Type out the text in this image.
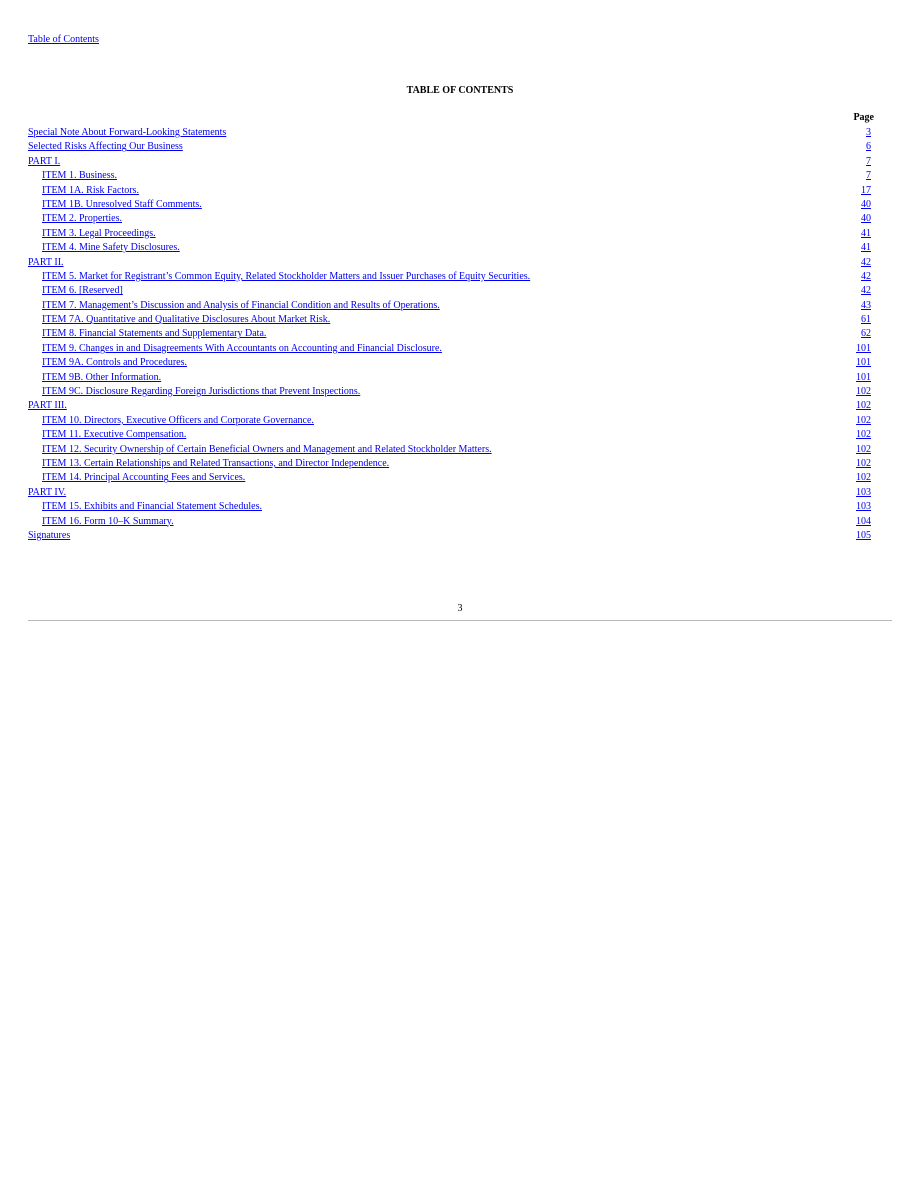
Table of Contents
TABLE OF CONTENTS
Page
Special Note About Forward-Looking Statements	3
Selected Risks Affecting Our Business	6
PART I.	7
ITEM 1. Business.	7
ITEM 1A. Risk Factors.	17
ITEM 1B. Unresolved Staff Comments.	40
ITEM 2. Properties.	40
ITEM 3. Legal Proceedings.	41
ITEM 4. Mine Safety Disclosures.	41
PART II.	42
ITEM 5. Market for Registrant’s Common Equity, Related Stockholder Matters and Issuer Purchases of Equity Securities.	42
ITEM 6. [Reserved]	42
ITEM 7. Management’s Discussion and Analysis of Financial Condition and Results of Operations.	43
ITEM 7A. Quantitative and Qualitative Disclosures About Market Risk.	61
ITEM 8. Financial Statements and Supplementary Data.	62
ITEM 9. Changes in and Disagreements With Accountants on Accounting and Financial Disclosure.	101
ITEM 9A. Controls and Procedures.	101
ITEM 9B. Other Information.	101
ITEM 9C. Disclosure Regarding Foreign Jurisdictions that Prevent Inspections.	102
PART III.	102
ITEM 10. Directors, Executive Officers and Corporate Governance.	102
ITEM 11. Executive Compensation.	102
ITEM 12. Security Ownership of Certain Beneficial Owners and Management and Related Stockholder Matters.	102
ITEM 13. Certain Relationships and Related Transactions, and Director Independence.	102
ITEM 14. Principal Accounting Fees and Services.	102
PART IV.	103
ITEM 15. Exhibits and Financial Statement Schedules.	103
ITEM 16. Form 10–K Summary.	104
Signatures	105
3
